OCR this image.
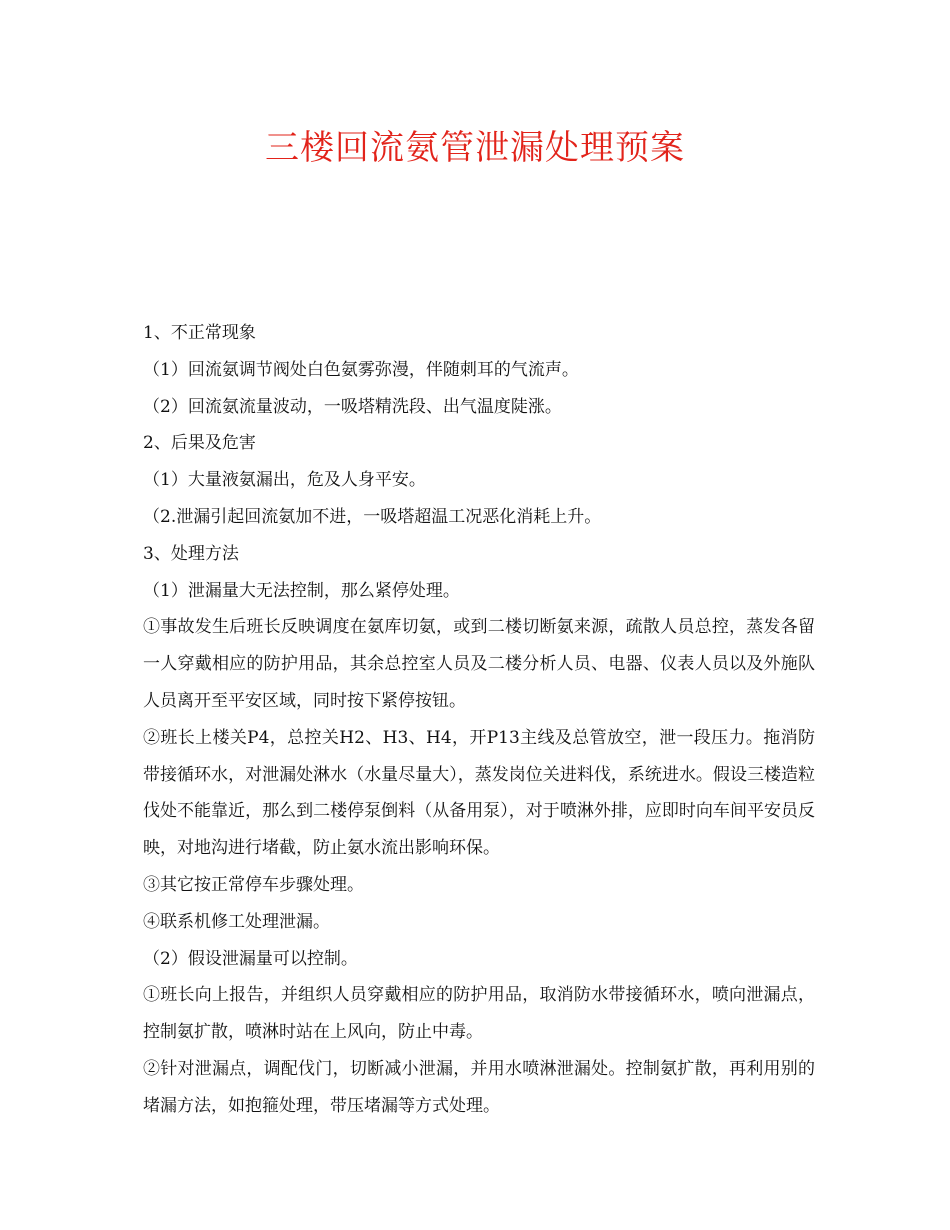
三楼回流氨管泄漏处理预案
1、不正常现象
（1）回流氨调节阀处白色氨雾弥漫，伴随刺耳的气流声。
（2）回流氨流量波动，一吸塔精洗段、出气温度陡涨。
2、后果及危害
（1）大量液氨漏出，危及人身平安。
（2.泄漏引起回流氨加不进，一吸塔超温工况恶化消耗上升。
3、处理方法
（1）泄漏量大无法控制，那么紧停处理。
①事故发生后班长反映调度在氨库切氨，或到二楼切断氨来源，疏散人员总控，蒸发各留一人穿戴相应的防护用品，其余总控室人员及二楼分析人员、电器、仪表人员以及外施队人员离开至平安区域，同时按下紧停按钮。
②班长上楼关P4，总控关H2、H3、H4，开P13主线及总管放空，泄一段压力。拖消防带接循环水，对泄漏处淋水（水量尽量大），蒸发岗位关进料伐，系统进水。假设三楼造粒伐处不能靠近，那么到二楼停泵倒料（从备用泵），对于喷淋外排，应即时向车间平安员反映，对地沟进行堵截，防止氨水流出影响环保。
③其它按正常停车步骤处理。
④联系机修工处理泄漏。
（2）假设泄漏量可以控制。
①班长向上报告，并组织人员穿戴相应的防护用品，取消防水带接循环水，喷向泄漏点，控制氨扩散，喷淋时站在上风向，防止中毒。
②针对泄漏点，调配伐门，切断减小泄漏，并用水喷淋泄漏处。控制氨扩散，再利用别的堵漏方法，如抱箍处理，带压堵漏等方式处理。
